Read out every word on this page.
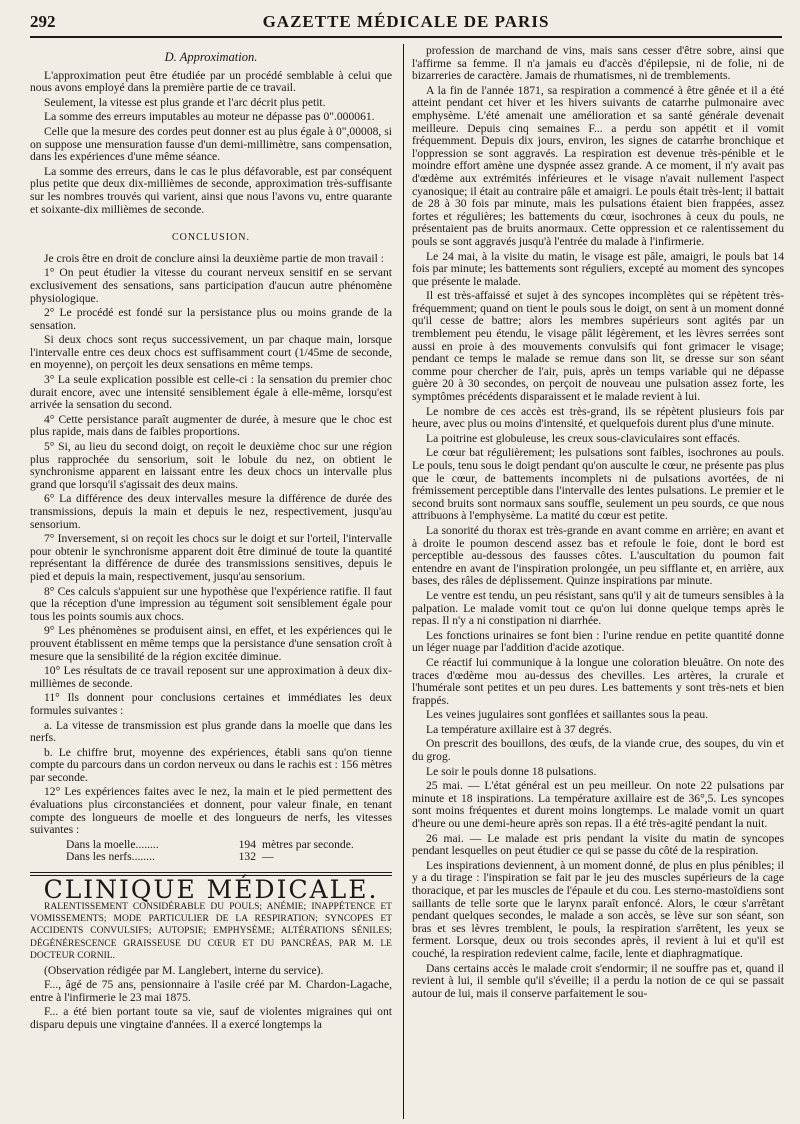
292	GAZETTE MÉDICALE DE PARIS
D. Approximation.

L'approximation peut être étudiée par un procédé semblable à celui que nous avons employé dans la première partie de ce travail.

Seulement, la vitesse est plus grande et l'arc décrit plus petit.

La somme des erreurs imputables au moteur ne dépasse pas 0".000061.

Celle que la mesure des cordes peut donner est au plus égale à 0",00008, si on suppose une mensuration fausse d'un demi-millimètre, sans compensation, dans les expériences d'une même séance.

La somme des erreurs, dans le cas le plus défavorable, est par conséquent plus petite que deux dix-millièmes de seconde, approximation très-suffisante sur les nombres trouvés qui varient, ainsi que nous l'avons vu, entre quarante et soixante-dix millièmes de seconde.

CONCLUSION.

Je crois être en droit de conclure ainsi la deuxième partie de mon travail :

1° On peut étudier la vitesse du courant nerveux sensitif en se servant exclusivement des sensations, sans participation d'aucun autre phénomène physiologique.

2° Le procédé est fondé sur la persistance plus ou moins grande de la sensation.

Si deux chocs sont reçus successivement, un par chaque main, lorsque l'intervalle entre ces deux chocs est suffisamment court (1/45me de seconde, en moyenne), on perçoit les deux sensations en même temps.

3° La seule explication possible est celle-ci : la sensation du premier choc durait encore, avec une intensité sensiblement égale à elle-même, lorsqu'est arrivée la sensation du second.

4° Cette persistance paraît augmenter de durée, à mesure que le choc est plus rapide, mais dans de faibles proportions.

5° Si, au lieu du second doigt, on reçoit le deuxième choc sur une région plus rapprochée du sensorium, soit le lobule du nez, on obtient le synchronisme apparent en laissant entre les deux chocs un intervalle plus grand que lorsqu'il s'agissait des deux mains.

6° La différence des deux intervalles mesure la différence de durée des transmissions, depuis la main et depuis le nez, respectivement, jusqu'au sensorium.

7° Inversement, si on reçoit les chocs sur le doigt et sur l'orteil, l'intervalle pour obtenir le synchronisme apparent doit être diminué de toute la quantité représentant la différence de durée des transmissions sensitives, depuis le pied et depuis la main, respectivement, jusqu'au sensorium.

8° Ces calculs s'appuient sur une hypothèse que l'expérience ratifie. Il faut que la réception d'une impression au tégument soit sensiblement égale pour tous les points soumis aux chocs.

9° Les phénomènes se produisent ainsi, en effet, et les expériences qui le prouvent établissent en même temps que la persistance d'une sensation croît à mesure que la sensibilité de la région excitée diminue.

10° Les résultats de ce travail reposent sur une approximation à deux dix-millièmes de seconde.

11° Ils donnent pour conclusions certaines et immédiates les deux formules suivantes :

a. La vitesse de transmission est plus grande dans la moelle que dans les nerfs.

b. Le chiffre brut, moyenne des expériences, établi sans qu'on tienne compte du parcours dans un cordon nerveux ou dans le rachis est : 156 mètres par seconde.

12° Les expériences faites avec le nez, la main et le pied permettent des évaluations plus circonstanciées et donnent, pour valeur finale, en tenant compte des longueurs de moelle et des longueurs de nerfs, les vitesses suivantes :

Dans la moelle........	194 mètres par seconde.
Dans les nerfs........	132 —
CLINIQUE MÉDICALE.

RALENTISSEMENT CONSIDÉRABLE DU POULS; ANÉMIE; INAPPÉTENCE ET VOMISSEMENTS; MODE PARTICULIER DE LA RESPIRATION; SYNCOPES ET ACCIDENTS CONVULSIFS; AUTOPSIE; EMPHYSÈME; ALTÉRATIONS SÉNILES; DÉGÉNÉRESCENCE GRAISSEUSE DU CŒUR ET DU PANCRÉAS, PAR M. LE DOCTEUR CORNIL.

(Observation rédigée par M. Langlebert, interne du service).

F..., âgé de 75 ans, pensionnaire à l'asile créé par M. Chardon-Lagache, entre à l'infirmerie le 23 mai 1875.

F... a été bien portant toute sa vie, sauf de violentes migraines qui ont disparu depuis une vingtaine d'années. Il a exercé longtemps la

profession de marchand de vins, mais sans cesser d'être sobre, ainsi que l'affirme sa femme. Il n'a jamais eu d'accès d'épilepsie, ni de folie, ni de bizarreries de caractère. Jamais de rhumatismes, ni de tremblements.

A la fin de l'année 1871, sa respiration a commencé à être gênée et il a été atteint pendant cet hiver et les hivers suivants de catarrhe pulmonaire avec emphysème. L'été amenait une amélioration et sa santé générale devenait meilleure. Depuis cinq semaines F... a perdu son appétit et il vomit fréquemment. Depuis dix jours, environ, les signes de catarrhe bronchique et l'oppression se sont aggravés. La respiration est devenue très-pénible et le moindre effort amène une dyspnée assez grande. A ce moment, il n'y avait pas d'œdème aux extrémités inférieures et le visage n'avait nullement l'aspect cyanosique; il était au contraire pâle et amaigri. Le pouls était très-lent; il battait de 28 à 30 fois par minute, mais les pulsations étaient bien frappées, assez fortes et régulières; les battements du cœur, isochrones à ceux du pouls, ne présentaient pas de bruits anormaux. Cette oppression et ce ralentissement du pouls se sont aggravés jusqu'à l'entrée du malade à l'infirmerie.

Le 24 mai, à la visite du matin, le visage est pâle, amaigri, le pouls bat 14 fois par minute; les battements sont réguliers, excepté au moment des syncopes que présente le malade.

Il est très-affaissé et sujet à des syncopes incomplètes qui se répètent très-fréquemment; quand on tient le pouls sous le doigt, on sent à un moment donné qu'il cesse de battre; alors les membres supérieurs sont agités par un tremblement peu étendu, le visage pâlit légèrement, et les lèvres serrées sont aussi en proie à des mouvements convulsifs qui font grimacer le visage; pendant ce temps le malade se remue dans son lit, se dresse sur son séant comme pour chercher de l'air, puis, après un temps variable qui ne dépasse guère 20 à 30 secondes, on perçoit de nouveau une pulsation assez forte, les symptômes précédents disparaissent et le malade revient à lui.

Le nombre de ces accès est très-grand, ils se répètent plusieurs fois par heure, avec plus ou moins d'intensité, et quelquefois durent plus d'une minute.

La poitrine est globuleuse, les creux sous-claviculaires sont effacés.

Le cœur bat régulièrement; les pulsations sont faibles, isochrones au pouls. Le pouls, tenu sous le doigt pendant qu'on ausculte le cœur, ne présente pas plus que le cœur, de battements incomplets ni de pulsations avortées, de ni frémissement perceptible dans l'intervalle des lentes pulsations. Le premier et le second bruits sont normaux sans souffle, seulement un peu sourds, ce que nous attribuons à l'emphysème. La matité du cœur est petite.

La sonorité du thorax est très-grande en avant comme en arrière; en avant et à droite le poumon descend assez bas et refoule le foie, dont le bord est perceptible au-dessous des fausses côtes. L'auscultation du poumon fait entendre en avant de l'inspiration prolongée, un peu sifflante et, en arrière, aux bases, des râles de déplissement. Quinze inspirations par minute.

Le ventre est tendu, un peu résistant, sans qu'il y ait de tumeurs sensibles à la palpation. Le malade vomit tout ce qu'on lui donne quelque temps après le repas. Il n'y a ni constipation ni diarrhée.

Les fonctions urinaires se font bien : l'urine rendue en petite quantité donne un léger nuage par l'addition d'acide azotique.

Ce réactif lui communique à la longue une coloration bleuâtre. On note des traces d'œdème mou au-dessus des chevilles. Les artères, la crurale et l'humérale sont petites et un peu dures. Les battements y sont très-nets et bien frappés.

Les veines jugulaires sont gonflées et saillantes sous la peau.

La température axillaire est à 37 degrés.

On prescrit des bouillons, des œufs, de la viande crue, des soupes, du vin et du grog.

Le soir le pouls donne 18 pulsations.

25 mai. — L'état général est un peu meilleur. On note 22 pulsations par minute et 18 inspirations. La température axillaire est de 36°,5. Les syncopes sont moins fréquentes et durent moins longtemps. Le malade vomit un quart d'heure ou une demi-heure après son repas. Il a été très-agité pendant la nuit.

26 mai. — Le malade est pris pendant la visite du matin de syncopes pendant lesquelles on peut étudier ce qui se passe du côté de la respiration.

Les inspirations deviennent, à un moment donné, de plus en plus pénibles; il y a du tirage : l'inspiration se fait par le jeu des muscles supérieurs de la cage thoracique, et par les muscles de l'épaule et du cou. Les sterno-mastoïdiens sont saillants de telle sorte que le larynx paraît enfoncé. Alors, le cœur s'arrêtant pendant quelques secondes, le malade a son accès, se lève sur son séant, son bras et ses lèvres tremblent, le pouls, la respiration s'arrêtent, les yeux se ferment. Lorsque, deux ou trois secondes après, il revient à lui et qu'il est couché, la respiration redevient calme, facile, lente et diaphragmatique.

Dans certains accès le malade croit s'endormir; il ne souffre pas et, quand il revient à lui, il semble qu'il s'éveille; il a perdu la notion de ce qui se passait autour de lui, mais il conserve parfaitement le sou-
